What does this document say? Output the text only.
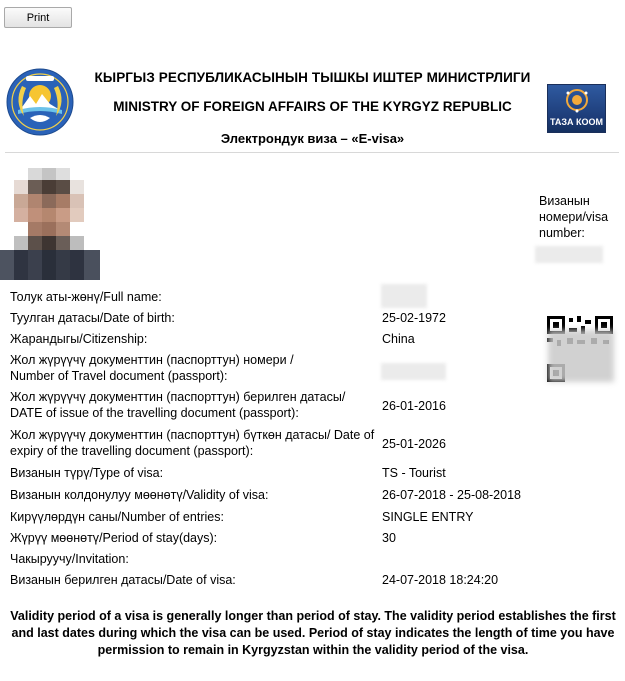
Print
КЫРГЫЗ РЕСПУБЛИКАСЫНЫН ТЫШКЫ ИШТЕР МИНИСТРЛИГИ
MINISTRY OF FOREIGN AFFAIRS OF THE KYRGYZ REPUBLIC
Электрондук виза – «E-visa»
ТАЗА КООМ
Визанын номери/visa number:
Толук аты-жөнү/Full name:
Туулган датасы/Date of birth:	25-02-1972
Жарандыгы/Citizenship:	China
Жол жүрүүчү документтин (паспорттун) номери / Number of Travel document (passport):
Жол жүрүүчү документтин (паспорттун) берилген датасы/ DATE of issue of the travelling document (passport):	26-01-2016
Жол жүрүүчү документтин (паспорттун) бүткөн датасы/ Date of expiry of the travelling document (passport):	25-01-2026
Визанын түрү/Type of visa:	TS - Tourist
Визанын колдонулуу мөөнөтү/Validity of visa:	26-07-2018 - 25-08-2018
Кирүүлөрдүн саны/Number of entries:	SINGLE ENTRY
Жүрүү мөөнөтү/Period of stay(days):	30
Чакыруучу/Invitation:
Визанын берилген датасы/Date of visa:	24-07-2018 18:24:20
Validity period of a visa is generally longer than period of stay. The validity period establishes the first and last dates during which the visa can be used. Period of stay indicates the length of time you have permission to remain in Kyrgyzstan within the validity period of the visa.
